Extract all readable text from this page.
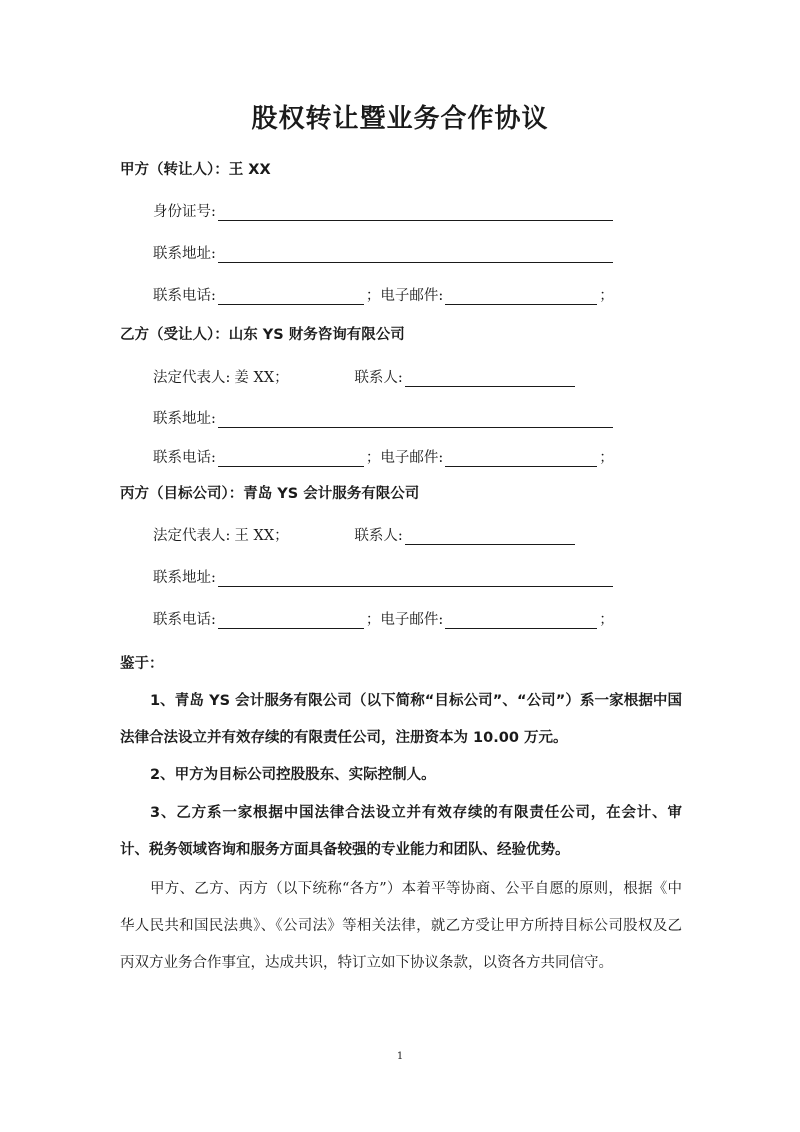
股权转让暨业务合作协议
甲方（转让人）：王 XX
身份证号:
联系地址:
联系电话:	； 电子邮件:	；
乙方（受让人）：山东 YS 财务咨询有限公司
法定代表人: 姜 XX；	联系人:
联系地址:
联系电话:	； 电子邮件:	；
丙方（目标公司）：青岛 YS 会计服务有限公司
法定代表人: 王 XX；	联系人:
联系地址:
联系电话:	； 电子邮件:	；
鉴于：
1、青岛 YS 会计服务有限公司（以下简称“目标公司”、“公司”）系一家根据中国法律合法设立并有效存续的有限责任公司，注册资本为 10.00 万元。
2、甲方为目标公司控股股东、实际控制人。
3、乙方系一家根据中国法律合法设立并有效存续的有限责任公司，在会计、审计、税务领域咨询和服务方面具备较强的专业能力和团队、经验优势。
甲方、乙方、丙方（以下统称“各方”）本着平等协商、公平自愿的原则，根据《中华人民共和国民法典》、《公司法》等相关法律，就乙方受让甲方所持目标公司股权及乙丙双方业务合作事宜，达成共识，特订立如下协议条款，以资各方共同信守。
1
